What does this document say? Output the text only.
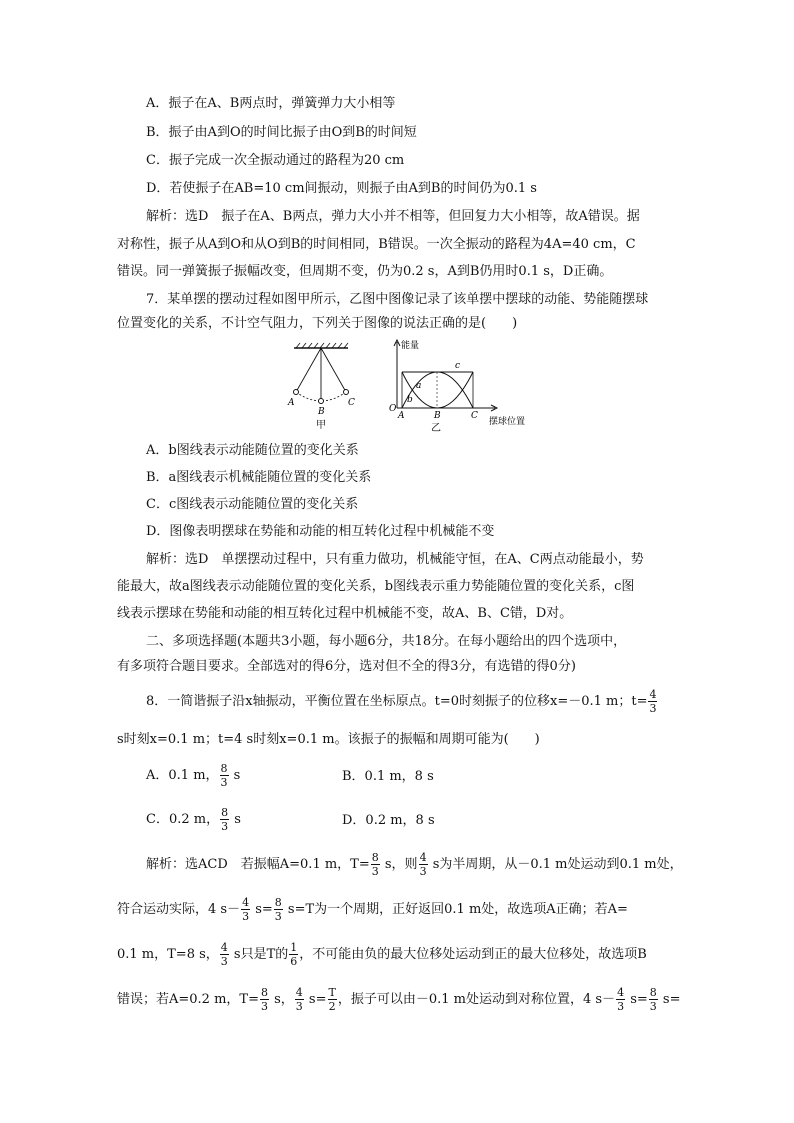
A．振子在A、B两点时，弹簧弹力大小相等
B．振子由A到O的时间比振子由O到B的时间短
C．振子完成一次全振动通过的路程为20 cm
D．若使振子在AB=10 cm间振动，则振子由A到B的时间仍为0.1 s
解析：选D　振子在A、B两点，弹力大小并不相等，但回复力大小相等，故A错误。据
对称性，振子从A到O和从O到B的时间相同，B错误。一次全振动的路程为4A=40 cm，C
错误。同一弹簧振子振幅改变，但周期不变，仍为0.2 s，A到B仍用时0.1 s，D正确。
7．某单摆的摆动过程如图甲所示，乙图中图像记录了该单摆中摆球的动能、势能随摆球
位置变化的关系，不计空气阻力，下列关于图像的说法正确的是(　　)
A
B
C
甲
能量
摆球位置
O
A	B	C
a
b
c
乙
A．b图线表示动能随位置的变化关系
B．a图线表示机械能随位置的变化关系
C．c图线表示动能随位置的变化关系
D．图像表明摆球在势能和动能的相互转化过程中机械能不变
解析：选D　单摆摆动过程中，只有重力做功，机械能守恒，在A、C两点动能最小，势
能最大，故a图线表示动能随位置的变化关系，b图线表示重力势能随位置的变化关系，c图
线表示摆球在势能和动能的相互转化过程中机械能不变，故A、B、C错，D对。
二、多项选择题(本题共3小题，每小题6分，共18分。在每小题给出的四个选项中，
有多项符合题目要求。全部选对的得6分，选对但不全的得3分，有选错的得0分)
8．一简谐振子沿x轴振动，平衡位置在坐标原点。t=0时刻振子的位移x=－0.1 m；$t= \frac{4}{3}$
s时刻x=0.1 m；t=4 s时刻x=0.1 m。该振子的振幅和周期可能为(　　)
A．0.1 m， $\frac{8}{3}$ s	B．0.1 m，8 s
C．0.2 m， $\frac{8}{3}$ s	D．0.2 m，8 s
解析：选ACD　若振幅A=0.1 m，$T= \frac{8}{3}$ s，则 $\frac{4}{3}$ s为半周期，从－0.1 m处运动到0.1 m处，
符合运动实际，4 $s- \frac{4}{3} s= \frac{8}{3} s=T$为一个周期，正好返回0.1 m处，故选项A正确；若A=
0.1 m，T=8 s， $\frac{4}{3}$ s只是T的 $\frac{1}{6}$ ，不可能由负的最大位移处运动到正的最大位移处，故选项B
错误；若A=0.2 m，$T= \frac{8}{3}$ s， $\frac{4}{3} s= \frac{T}{2}$ ，振子可以由－0.1 m处运动到对称位置，4 $s- \frac{4}{3} s= \frac{8}{3} s=$
